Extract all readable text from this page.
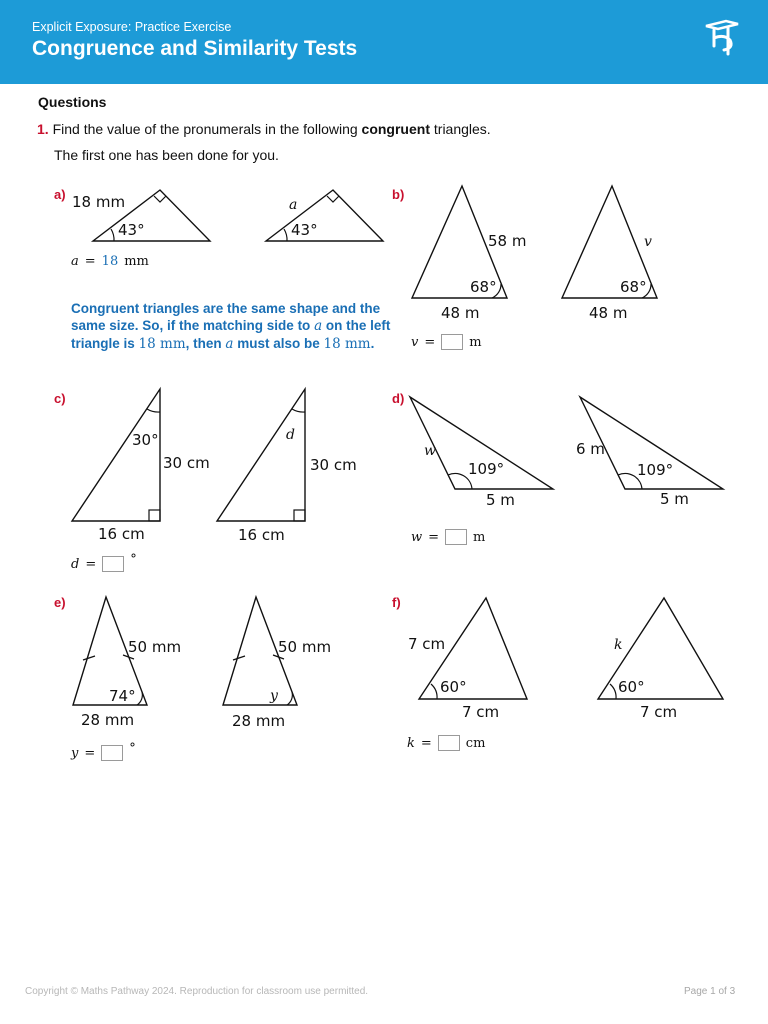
Explicit Exposure: Practice Exercise
Congruence and Similarity Tests
Questions
1. Find the value of the pronumerals in the following congruent triangles.
The first one has been done for you.
a) 18 mm
43°
a
43°
a = 18 mm
Congruent triangles are the same shape and the same size. So, if the matching side to a on the left triangle is 18 mm, then a must also be 18 mm.
b)
58 m
68°
48 m
v
68°
48 m
v =	m
c)
30°
30 cm
16 cm
d
30 cm
16 cm
d =	°
d)
w
109°
5 m
6 m
109°
5 m
w =	m
e)
50 mm
74°
28 mm
50 mm
y
28 mm
y =	°
f)
7 cm
60°
7 cm
k
60°
7 cm
k =	cm
Copyright © Maths Pathway 2024. Reproduction for classroom use permitted.	Page 1 of 3
